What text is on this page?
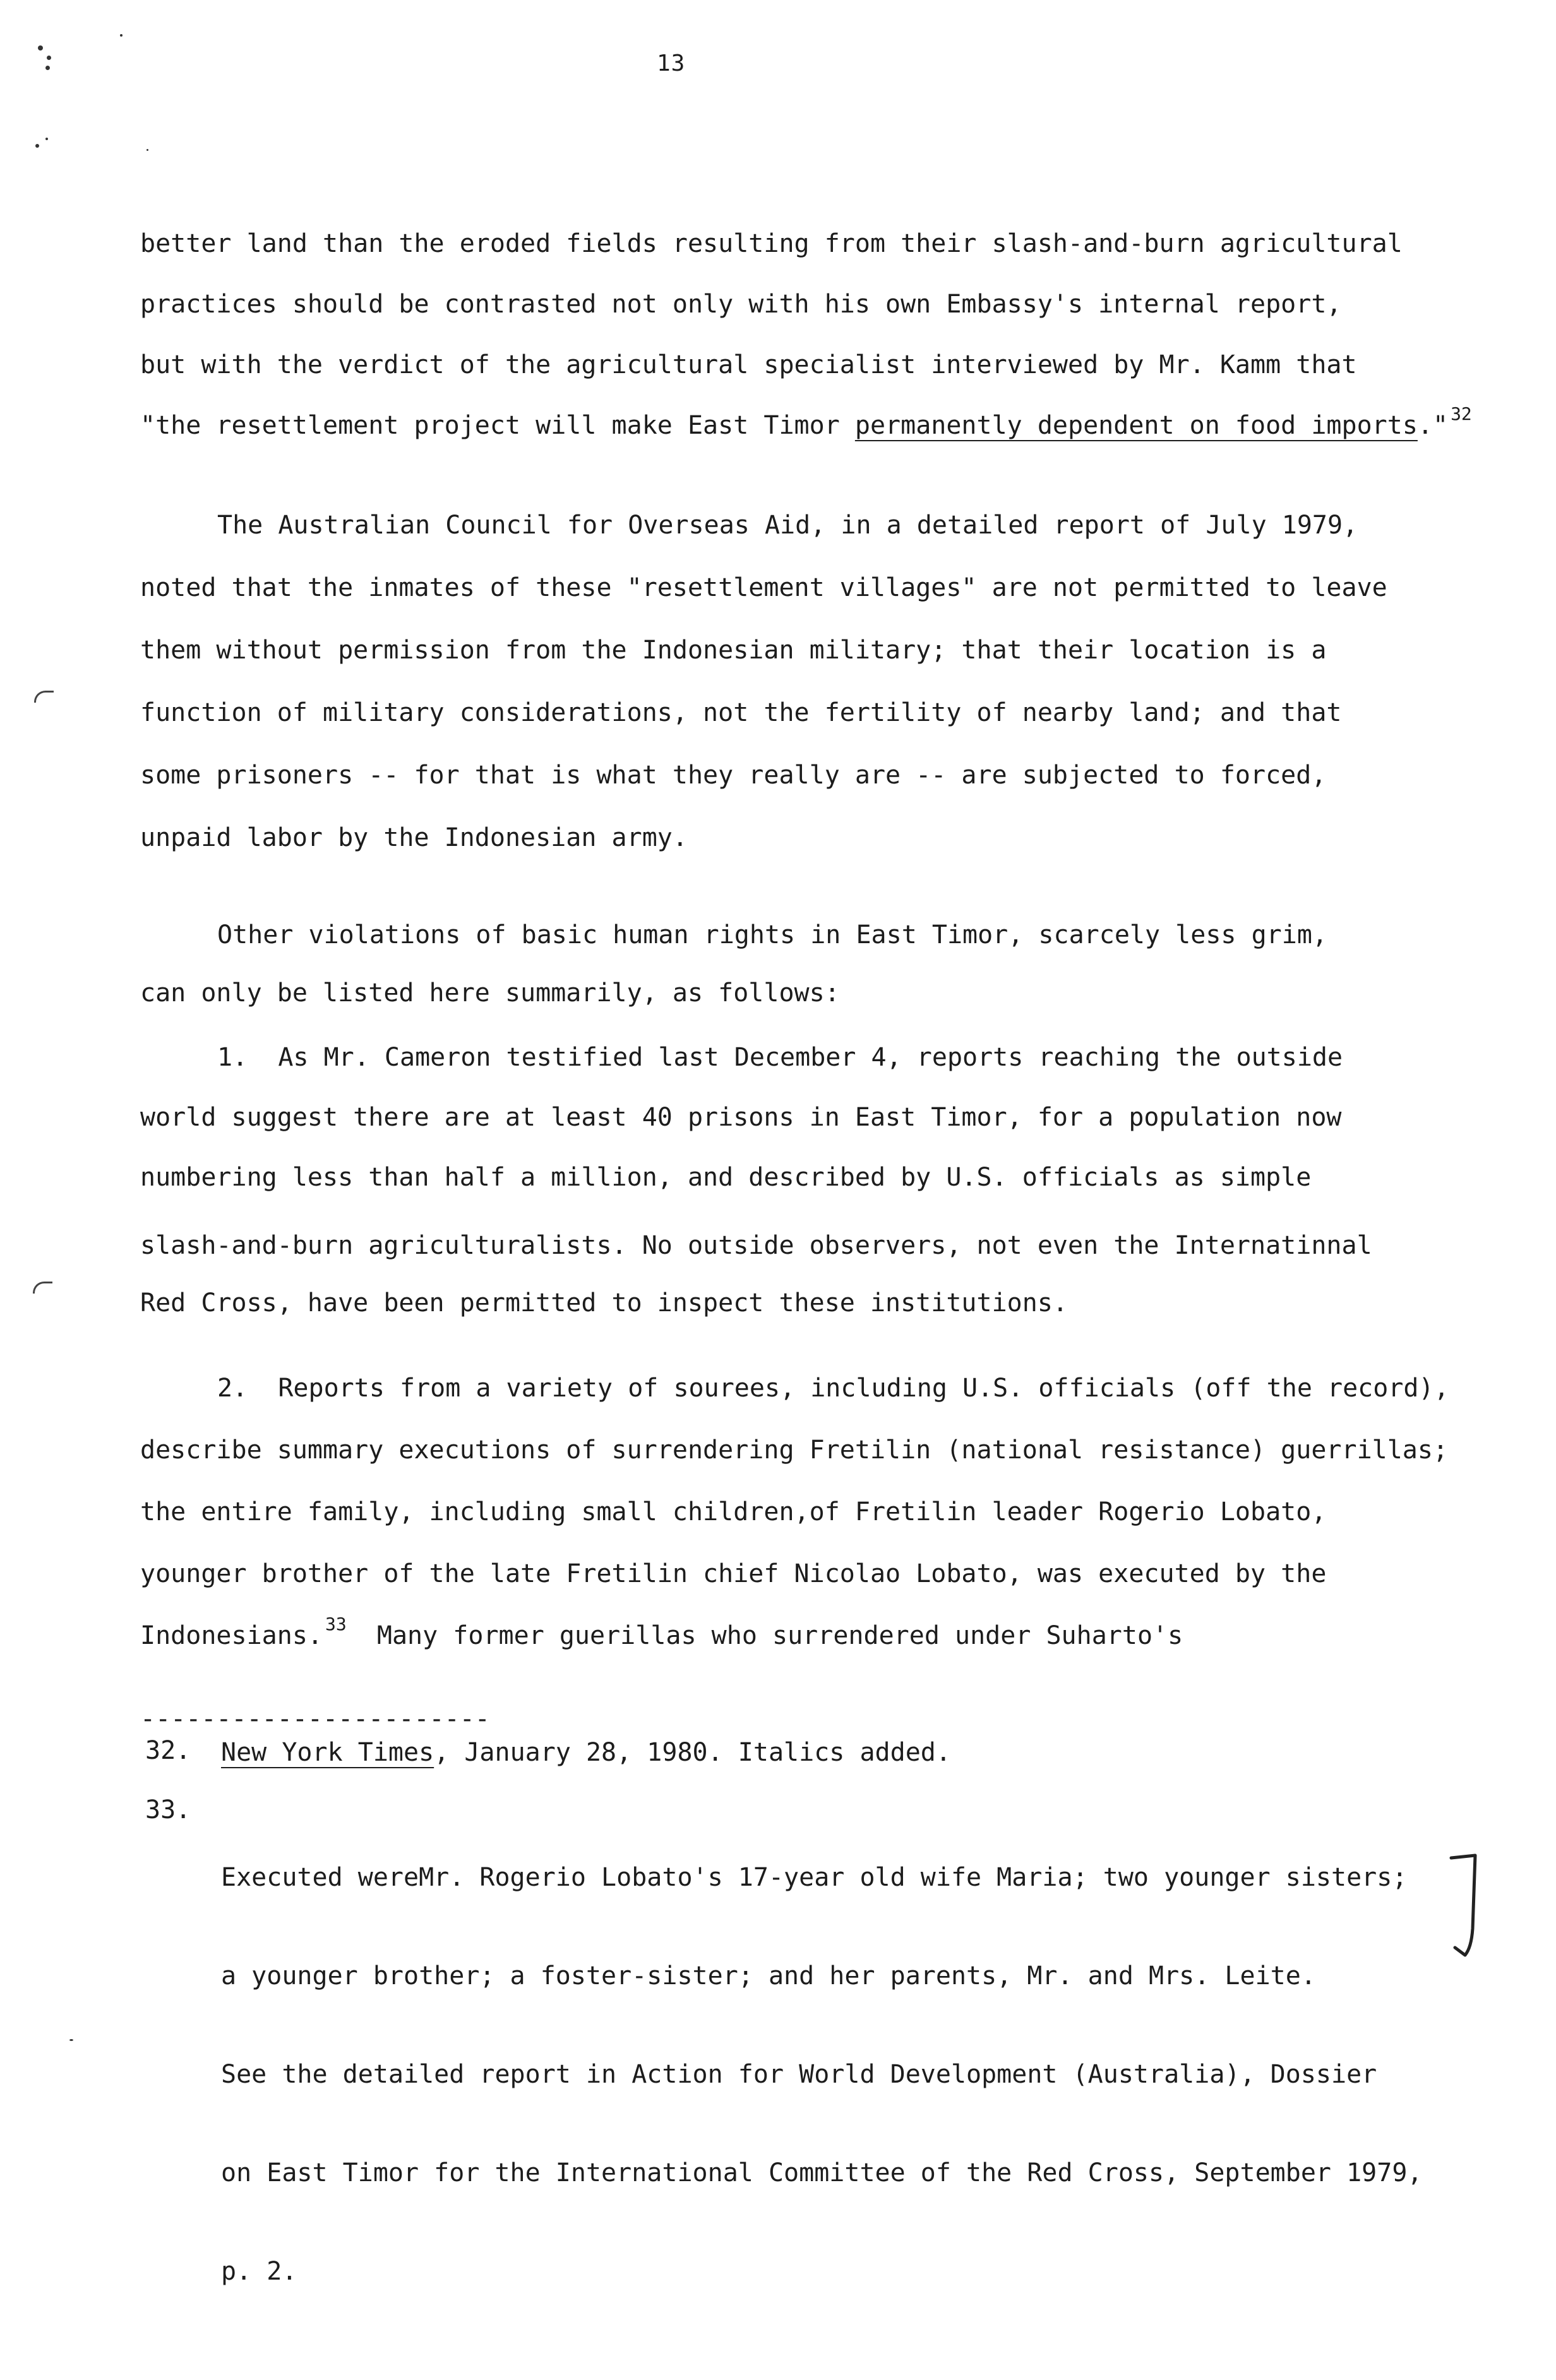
13
better land than the eroded fields resulting from their slash-and-burn agricultural
practices should be contrasted not only with his own Embassy's internal report,
but with the verdict of the agricultural specialist interviewed by Mr. Kamm that
"the resettlement project will make East Timor permanently dependent on food imports." $^{32}$
The Australian Council for Overseas Aid, in a detailed report of July 1979,
noted that the inmates of these "resettlement villages" are not permitted to leave
them without permission from the Indonesian military; that their location is a
function of military considerations, not the fertility of nearby land; and that
some prisoners -- for that is what they really are -- are subjected to forced,
unpaid labor by the Indonesian army.
Other violations of basic human rights in East Timor, scarcely less grim,
can only be listed here summarily, as follows:
1.  As Mr. Cameron testified last December 4, reports reaching the outside
world suggest there are at least 40 prisons in East Timor, for a population now
numbering less than half a million, and described by U.S. officials as simple
slash-and-burn agriculturalists. No outside observers, not even the Internatinnal
Red Cross, have been permitted to inspect these institutions.
2.  Reports from a variety of sourees, including U.S. officials (off the record),
describe summary executions of surrendering Fretilin (national resistance) guerrillas;
the entire family, including small children,of Fretilin leader Rogerio Lobato,
younger brother of the late Fretilin chief Nicolao Lobato, was executed by the
Indonesians. $^{33}$  Many former guerillas who surrendered under Suharto's
-----------------------
32.	New York Times, January 28, 1980. Italics added.
33.

Executed wereMr. Rogerio Lobato's 17-year old wife Maria; two younger sisters;

a younger brother; a foster-sister; and her parents, Mr. and Mrs. Leite.

See the detailed report in Action for World Development (Australia), Dossier

on East Timor for the International Committee of the Red Cross, September 1979,

p. 2.
